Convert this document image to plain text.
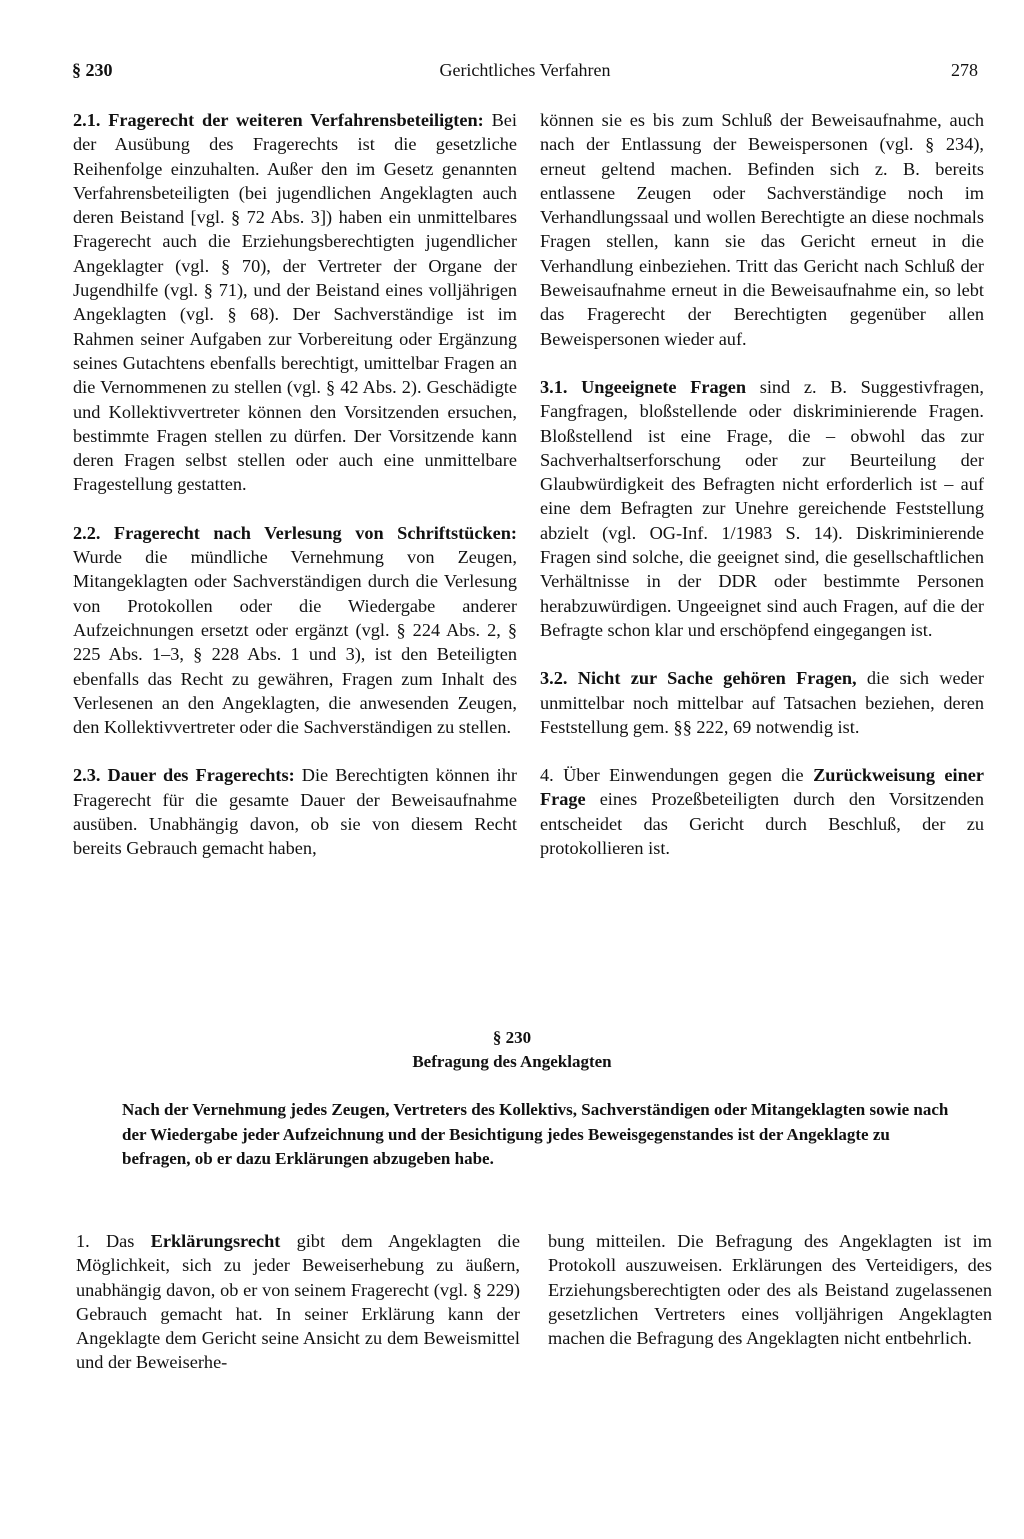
§ 230	Gerichtliches Verfahren	278

2.1. Fragerecht der weiteren Verfahrensbeteiligten: Bei der Ausübung des Fragerechts ist die gesetzliche Reihenfolge einzuhalten. Außer den im Gesetz genannten Verfahrensbeteiligten (bei jugendlichen Angeklagten auch deren Beistand [vgl. § 72 Abs. 3]) haben ein unmittelbares Fragerecht auch die Erziehungsberechtigten jugendlicher Angeklagter (vgl. § 70), der Vertreter der Organe der Jugendhilfe (vgl. § 71), und der Beistand eines volljährigen Angeklagten (vgl. § 68). Der Sachverständige ist im Rahmen seiner Aufgaben zur Vorbereitung oder Ergänzung seines Gutachtens ebenfalls berechtigt, umittelbar Fragen an die Vernommenen zu stellen (vgl. § 42 Abs. 2). Geschädigte und Kollektivvertreter können den Vorsitzenden ersuchen, bestimmte Fragen stellen zu dürfen. Der Vorsitzende kann deren Fragen selbst stellen oder auch eine unmittelbare Fragestellung gestatten.

2.2. Fragerecht nach Verlesung von Schriftstücken: Wurde die mündliche Vernehmung von Zeugen, Mitangeklagten oder Sachverständigen durch die Verlesung von Protokollen oder die Wiedergabe anderer Aufzeichnungen ersetzt oder ergänzt (vgl. § 224 Abs. 2, § 225 Abs. 1–3, § 228 Abs. 1 und 3), ist den Beteiligten ebenfalls das Recht zu gewähren, Fragen zum Inhalt des Verlesenen an den Angeklagten, die anwesenden Zeugen, den Kollektivvertreter oder die Sachverständigen zu stellen.

2.3. Dauer des Fragerechts: Die Berechtigten können ihr Fragerecht für die gesamte Dauer der Beweisaufnahme ausüben. Unabhängig davon, ob sie von diesem Recht bereits Gebrauch gemacht haben,

können sie es bis zum Schluß der Beweisaufnahme, auch nach der Entlassung der Beweispersonen (vgl. § 234), erneut geltend machen. Befinden sich z. B. bereits entlassene Zeugen oder Sachverständige noch im Verhandlungssaal und wollen Berechtigte an diese nochmals Fragen stellen, kann sie das Gericht erneut in die Verhandlung einbeziehen. Tritt das Gericht nach Schluß der Beweisaufnahme erneut in die Beweisaufnahme ein, so lebt das Fragerecht der Berechtigten gegenüber allen Beweispersonen wieder auf.

3.1. Ungeeignete Fragen sind z. B. Suggestivfragen, Fangfragen, bloßstellende oder diskriminierende Fragen. Bloßstellend ist eine Frage, die – obwohl das zur Sachverhaltserforschung oder zur Beurteilung der Glaubwürdigkeit des Befragten nicht erforderlich ist – auf eine dem Befragten zur Unehre gereichende Feststellung abzielt (vgl. OG-Inf. 1/1983 S. 14). Diskriminierende Fragen sind solche, die geeignet sind, die gesellschaftlichen Verhältnisse in der DDR oder bestimmte Personen herabzuwürdigen. Ungeeignet sind auch Fragen, auf die der Befragte schon klar und erschöpfend eingegangen ist.

3.2. Nicht zur Sache gehören Fragen, die sich weder unmittelbar noch mittelbar auf Tatsachen beziehen, deren Feststellung gem. §§ 222, 69 notwendig ist.

4. Über Einwendungen gegen die Zurückweisung einer Frage eines Prozeßbeteiligten durch den Vorsitzenden entscheidet das Gericht durch Beschluß, der zu protokollieren ist.

§ 230
Befragung des Angeklagten
Nach der Vernehmung jedes Zeugen, Vertreters des Kollektivs, Sachverständigen oder Mitangeklagten sowie nach der Wiedergabe jeder Aufzeichnung und der Besichtigung jedes Beweisgegenstandes ist der Angeklagte zu befragen, ob er dazu Erklärungen abzugeben habe.

1. Das Erklärungsrecht gibt dem Angeklagten die Möglichkeit, sich zu jeder Beweiserhebung zu äußern, unabhängig davon, ob er von seinem Fragerecht (vgl. § 229) Gebrauch gemacht hat. In seiner Erklärung kann der Angeklagte dem Gericht seine Ansicht zu dem Beweismittel und der Beweiserhe-

bung mitteilen. Die Befragung des Angeklagten ist im Protokoll auszuweisen. Erklärungen des Verteidigers, des Erziehungsberechtigten oder des als Beistand zugelassenen gesetzlichen Vertreters eines volljährigen Angeklagten machen die Befragung des Angeklagten nicht entbehrlich.
